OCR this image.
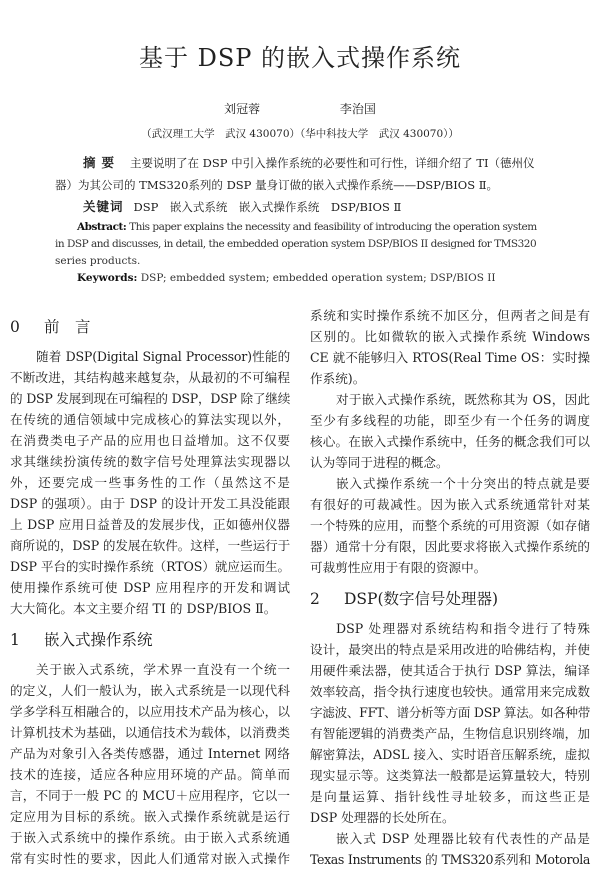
基于 DSP 的嵌入式操作系统
刘冠蓉	李治国
（武汉理工大学　武汉 430070）（华中科技大学　武汉 430070））
摘要 主要说明了在 DSP 中引入操作系统的必要性和可行性，详细介绍了 TI（德州仪
器）为其公司的 TMS320系列的 DSP 量身订做的嵌入式操作系统——DSP/BIOS Ⅱ。
关键词 DSP　嵌入式系统　嵌入式操作系统　DSP/BIOS Ⅱ
Abstract: This paper explains the necessity and feasibility of introducing the operation system
in DSP and discusses, in detail, the embedded operation system DSP/BIOS II designed for TMS320
series products.
Keywords: DSP; embedded system; embedded operation system; DSP/BIOS II
0 前　言
随着 DSP(Digital Signal Processor)性能的
不断改进，其结构越来越复杂，从最初的不可编程
的 DSP 发展到现在可编程的 DSP，DSP 除了继续
在传统的通信领域中完成核心的算法实现以外，
在消费类电子产品的应用也日益增加。这不仅要
求其继续扮演传统的数字信号处理算法实现器以
外，还要完成一些事务性的工作（虽然这不是
DSP 的强项）。由于 DSP 的设计开发工具没能跟
上 DSP 应用日益普及的发展步伐，正如德州仪器
商所说的，DSP 的发展在软件。这样，一些运行于
DSP 平台的实时操作系统（RTOS）就应运而生。
使用操作系统可使 DSP 应用程序的开发和调试
大大简化。本文主要介绍 TI 的 DSP/BIOS Ⅱ。
1 嵌入式操作系统
关于嵌入式系统，学术界一直没有一个统一
的定义，人们一般认为，嵌入式系统是一以现代科
学多学科互相融合的，以应用技术产品为核心，以
计算机技术为基础，以通信技术为载体，以消费类
产品为对象引入各类传感器，通过 Internet 网络
技术的连接，适应各种应用环境的产品。简单而
言，不同于一般 PC 的 MCU＋应用程序，它以一
定应用为目标的系统。嵌入式操作系统就是运行
于嵌入式系统中的操作系统。由于嵌入式系统通
常有实时性的要求，因此人们通常对嵌入式操作
系统和实时操作系统不加区分，但两者之间是有
区别的。比如微软的嵌入式操作系统 Windows
CE 就不能够归入 RTOS(Real Time OS：实时操
作系统)。
对于嵌入式操作系统，既然称其为 OS，因此
至少有多线程的功能，即至少有一个任务的调度
核心。在嵌入式操作系统中，任务的概念我们可以
认为等同于进程的概念。
嵌入式操作系统一个十分突出的特点就是要
有很好的可裁减性。因为嵌入式系统通常针对某
一个特殊的应用，而整个系统的可用资源（如存储
器）通常十分有限，因此要求将嵌入式操作系统的
可裁剪性应用于有限的资源中。
2 DSP(数字信号处理器)
DSP 处理器对系统结构和指令进行了特殊
设计，最突出的特点是采用改进的哈佛结构，并使
用硬件乘法器，使其适合于执行 DSP 算法，编译
效率较高，指令执行速度也较快。通常用来完成数
字滤波、FFT、谱分析等方面 DSP 算法。如各种带
有智能逻辑的消费类产品，生物信息识别终端，加
解密算法，ADSL 接入、实时语音压解系统，虚拟
现实显示等。这类算法一般都是运算量较大，特别
是向量运算、指针线性寻址较多，而这些正是
DSP 处理器的长处所在。
嵌入式 DSP 处理器比较有代表性的产品是
Texas Instruments 的 TMS320系列和 Motorola
